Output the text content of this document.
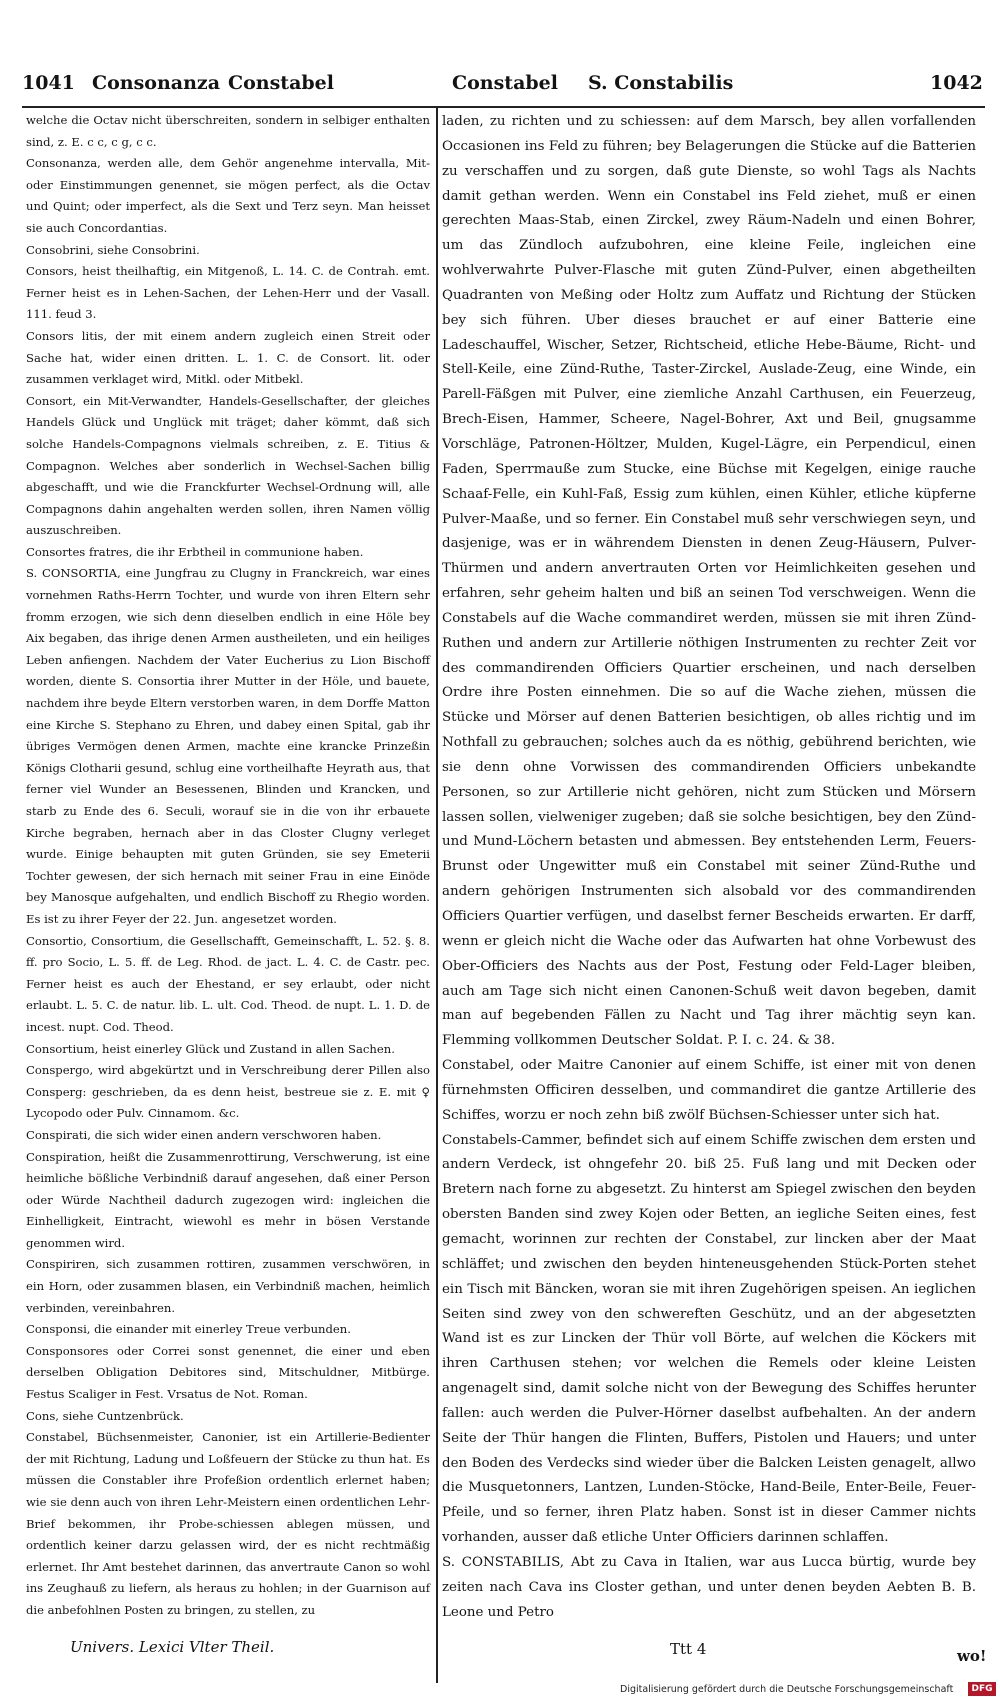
1041 Consonanza Constabel	Constabel S. Constabilis	1042

welche die Octav nicht überschreiten, sondern in selbiger enthalten sind, z. E. c c, c g, c c.

Consonanza, werden alle, dem Gehör angenehme intervalla, Mit- oder Einstimmungen genennet, sie mögen perfect, als die Octav und Quint; oder imperfect, als die Sext und Terz seyn. Man heisset sie auch Concordantias.

Consobrini, siehe Consobrini.

Consors, heist theilhaftig, ein Mitgenoß, L. 14. C. de Contrah. emt. Ferner heist es in Lehen-Sachen, der Lehen-Herr und der Vasall. 111. feud 3.

Consors litis, der mit einem andern zugleich einen Streit oder Sache hat, wider einen dritten. L. 1. C. de Consort. lit. oder zusammen verklaget wird, Mitkl. oder Mitbekl.

Consort, ein Mit-Verwandter, Handels-Gesellschafter, der gleiches Handels Glück und Unglück mit träget; daher kömmt, daß sich solche Handels-Compagnons vielmals schreiben, z. E. Titius & Compagnon. Welches aber sonderlich in Wechsel-Sachen billig abgeschafft, und wie die Franckfurter Wechsel-Ordnung will, alle Compagnons dahin angehalten werden sollen, ihren Namen völlig auszuschreiben.

Consortes fratres, die ihr Erbtheil in communione haben.

S. CONSORTIA, eine Jungfrau zu Clugny in Franckreich, war eines vornehmen Raths-Herrn Tochter, und wurde von ihren Eltern sehr fromm erzogen, wie sich denn dieselben endlich in eine Höle bey Aix begaben, das ihrige denen Armen austheileten, und ein heiliges Leben anfiengen. Nachdem der Vater Eucherius zu Lion Bischoff worden, diente S. Consortia ihrer Mutter in der Höle, und bauete, nachdem ihre beyde Eltern verstorben waren, in dem Dorffe Matton eine Kirche S. Stephano zu Ehren, und dabey einen Spital, gab ihr übriges Vermögen denen Armen, machte eine krancke Prinzeßin Königs Clotharii gesund, schlug eine vortheilhafte Heyrath aus, that ferner viel Wunder an Besessenen, Blinden und Krancken, und starb zu Ende des 6. Seculi, worauf sie in die von ihr erbauete Kirche begraben, hernach aber in das Closter Clugny verleget wurde. Einige behaupten mit guten Gründen, sie sey Emeterii Tochter gewesen, der sich hernach mit seiner Frau in eine Einöde bey Manosque aufgehalten, und endlich Bischoff zu Rhegio worden. Es ist zu ihrer Feyer der 22. Jun. angesetzet worden.

Consortio, Consortium, die Gesellschafft, Gemeinschafft, L. 52. §. 8. ff. pro Socio, L. 5. ff. de Leg. Rhod. de jact. L. 4. C. de Castr. pec. Ferner heist es auch der Ehestand, er sey erlaubt, oder nicht erlaubt. L. 5. C. de natur. lib. L. ult. Cod. Theod. de nupt. L. 1. D. de incest. nupt. Cod. Theod.

Consortium, heist einerley Glück und Zustand in allen Sachen.

Conspergo, wird abgekürtzt und in Verschreibung derer Pillen also Consperg: geschrieben, da es denn heist, bestreue sie z. E. mit ♀ Lycopodo oder Pulv. Cinnamom. &c.

Conspirati, die sich wider einen andern verschworen haben.

Conspiration, heißt die Zusammenrottirung, Verschwerung, ist eine heimliche bößliche Verbindniß darauf angesehen, daß einer Person oder Würde Nachtheil dadurch zugezogen wird: ingleichen die Einhelligkeit, Eintracht, wiewohl es mehr in bösen Verstande genommen wird.

Conspiriren, sich zusammen rottiren, zusammen verschwören, in ein Horn, oder zusammen blasen, ein Verbindniß machen, heimlich verbinden, vereinbahren.

Consponsi, die einander mit einerley Treue verbunden.

Consponsores oder Correi sonst genennet, die einer und eben derselben Obligation Debitores sind, Mitschuldner, Mitbürge. Festus Scaliger in Fest. Vrsatus de Not. Roman.

Cons, siehe Cuntzenbrück.

Constabel, Büchsenmeister, Canonier, ist ein Artillerie-Bedienter der mit Richtung, Ladung und Loßfeuern der Stücke zu thun hat. Es müssen die Constabler ihre Profeßion ordentlich erlernet haben; wie sie denn auch von ihren Lehr-Meistern einen ordentlichen Lehr-Brief bekommen, ihr Probe-schiessen ablegen müssen, und ordentlich keiner darzu gelassen wird, der es nicht rechtmäßig erlernet. Ihr Amt bestehet darinnen, das anvertraute Canon so wohl ins Zeughauß zu liefern, als heraus zu hohlen; in der Guarnison auf die anbefohlnen Posten zu bringen, zu stellen, zu

laden, zu richten und zu schiessen: auf dem Marsch, bey allen vorfallenden Occasionen ins Feld zu führen; bey Belagerungen die Stücke auf die Batterien zu verschaffen und zu sorgen, daß gute Dienste, so wohl Tags als Nachts damit gethan werden. Wenn ein Constabel ins Feld ziehet, muß er einen gerechten Maas-Stab, einen Zirckel, zwey Räum-Nadeln und einen Bohrer, um das Zündloch aufzubohren, eine kleine Feile, ingleichen eine wohlverwahrte Pulver-Flasche mit guten Zünd-Pulver, einen abgetheilten Quadranten von Meßing oder Holtz zum Auffatz und Richtung der Stücken bey sich führen. Uber dieses brauchet er auf einer Batterie eine Ladeschauffel, Wischer, Setzer, Richtscheid, etliche Hebe-Bäume, Richt- und Stell-Keile, eine Zünd-Ruthe, Taster-Zirckel, Auslade-Zeug, eine Winde, ein Parell-Fäßgen mit Pulver, eine ziemliche Anzahl Carthusen, ein Feuerzeug, Brech-Eisen, Hammer, Scheere, Nagel-Bohrer, Axt und Beil, gnugsamme Vorschläge, Patronen-Höltzer, Mulden, Kugel-Lägre, ein Perpendicul, einen Faden, Sperrmauße zum Stucke, eine Büchse mit Kegelgen, einige rauche Schaaf-Felle, ein Kuhl-Faß, Essig zum kühlen, einen Kühler, etliche küpferne Pulver-Maaße, und so ferner. Ein Constabel muß sehr verschwiegen seyn, und dasjenige, was er in währendem Diensten in denen Zeug-Häusern, Pulver-Thürmen und andern anvertrauten Orten vor Heimlichkeiten gesehen und erfahren, sehr geheim halten und biß an seinen Tod verschweigen. Wenn die Constabels auf die Wache commandiret werden, müssen sie mit ihren Zünd-Ruthen und andern zur Artillerie nöthigen Instrumenten zu rechter Zeit vor des commandirenden Officiers Quartier erscheinen, und nach derselben Ordre ihre Posten einnehmen. Die so auf die Wache ziehen, müssen die Stücke und Mörser auf denen Batterien besichtigen, ob alles richtig und im Nothfall zu gebrauchen; solches auch da es nöthig, gebührend berichten, wie sie denn ohne Vorwissen des commandirenden Officiers unbekandte Personen, so zur Artillerie nicht gehören, nicht zum Stücken und Mörsern lassen sollen, vielweniger zugeben; daß sie solche besichtigen, bey den Zünd- und Mund-Löchern betasten und abmessen. Bey entstehenden Lerm, Feuers-Brunst oder Ungewitter muß ein Constabel mit seiner Zünd-Ruthe und andern gehörigen Instrumenten sich alsobald vor des commandirenden Officiers Quartier verfügen, und daselbst ferner Bescheids erwarten. Er darff, wenn er gleich nicht die Wache oder das Aufwarten hat ohne Vorbewust des Ober-Officiers des Nachts aus der Post, Festung oder Feld-Lager bleiben, auch am Tage sich nicht einen Canonen-Schuß weit davon begeben, damit man auf begebenden Fällen zu Nacht und Tag ihrer mächtig seyn kan. Flemming vollkommen Deutscher Soldat. P. I. c. 24. & 38.

Constabel, oder Maitre Canonier auf einem Schiffe, ist einer mit von denen fürnehmsten Officiren desselben, und commandiret die gantze Artillerie des Schiffes, worzu er noch zehn biß zwölf Büchsen-Schiesser unter sich hat.

Constabels-Cammer, befindet sich auf einem Schiffe zwischen dem ersten und andern Verdeck, ist ohngefehr 20. biß 25. Fuß lang und mit Decken oder Bretern nach forne zu abgesetzt. Zu hinterst am Spiegel zwischen den beyden obersten Banden sind zwey Kojen oder Betten, an iegliche Seiten eines, fest gemacht, worinnen zur rechten der Constabel, zur lincken aber der Maat schläffet; und zwischen den beyden hinteneusgehenden Stück-Porten stehet ein Tisch mit Bäncken, woran sie mit ihren Zugehörigen speisen. An ieglichen Seiten sind zwey von den schwereften Geschütz, und an der abgesetzten Wand ist es zur Lincken der Thür voll Börte, auf welchen die Köckers mit ihren Carthusen stehen; vor welchen die Remels oder kleine Leisten angenagelt sind, damit solche nicht von der Bewegung des Schiffes herunter fallen: auch werden die Pulver-Hörner daselbst aufbehalten. An der andern Seite der Thür hangen die Flinten, Buffers, Pistolen und Hauers; und unter den Boden des Verdecks sind wieder über die Balcken Leisten genagelt, allwo die Musquetonners, Lantzen, Lunden-Stöcke, Hand-Beile, Enter-Beile, Feuer-Pfeile, und so ferner, ihren Platz haben. Sonst ist in dieser Cammer nichts vorhanden, ausser daß etliche Unter Officiers darinnen schlaffen.

S. CONSTABILIS, Abt zu Cava in Italien, war aus Lucca bürtig, wurde bey zeiten nach Cava ins Closter gethan, und unter denen beyden Aebten B. B. Leone und Petro

Univers. Lexici Vlter Theil.	Ttt 4	wo!
Digitalisierung gefördert durch die Deutsche Forschungsgemeinschaft	DFG
